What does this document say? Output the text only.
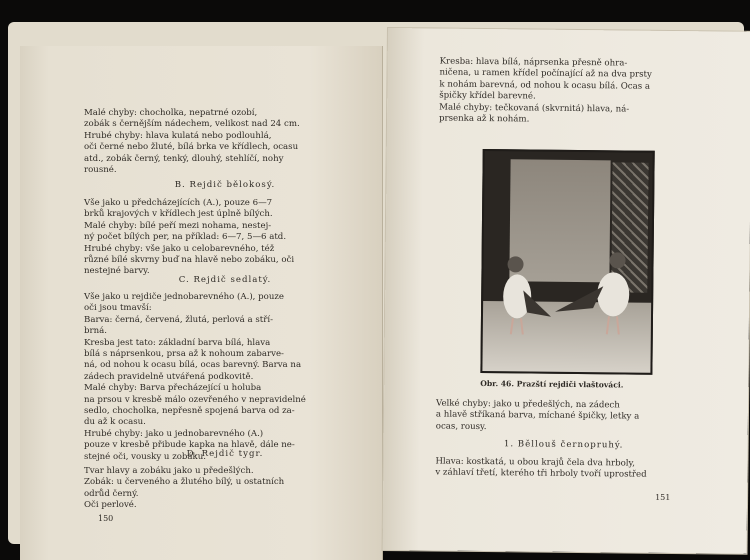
Malé chyby: chocholka, nepatrné ozobí,
zobák s černějším nádechem, velikost nad 24 cm.
Hrubé chyby: hlava kulatá nebo podlouhlá,
oči černé nebo žluté, bílá brka ve křídlech, ocasu
atd., zobák černý, tenký, dlouhý, stehlíčí, nohy
rousné.
B. Rejdič bělokosý.
Vše jako u předcházejících (A.), pouze 6—7
brků krajových v křídlech jest úplně bílých.
Malé chyby: bílé peří mezi nohama, nestej-
ný počet bílých per, na příklad: 6—7, 5—6 atd.
Hrubé chyby: vše jako u celobarevného, též
různé bílé skvrny buď na hlavě nebo zobáku, oči
nestejné barvy.
C. Rejdič sedlatý.
Vše jako u rejdiče jednobarevného (A.), pouze
oči jsou tmavší:
Barva: černá, červená, žlutá, perlová a stří-
brná.
Kresba jest tato: základní barva bílá, hlava
bílá s náprsenkou, prsa až k nohoum zabarve-
ná, od nohou k ocasu bílá, ocas barevný. Barva na
zádech pravidelně utvářená podkovitě.
Malé chyby: Barva přecházející u holuba
na prsou v kresbě málo ozevřeného v nepravidelné
sedlo, chocholka, nepřesně spojená barva od za-
du až k ocasu.
Hrubé chyby: jako u jednobarevného (A.)
pouze v kresbě přibude kapka na hlavě, dále ne-
stejné oči, vousky u zobáku.
D. Rejdič tygr.
Tvar hlavy a zobáku jako u předešlých.
Zobák: u červeného a žlutého bílý, u ostatních
odrůd černý.
Oči perlové.
150
Kresba: hlava bílá, náprsenka přesně ohra-
ničena, u ramen křídel počínající až na dva prsty
k nohám barevná, od nohou k ocasu bílá. Ocas a
špičky křídel barevné.
Malé chyby: tečkovaná (skvrnitá) hlava, ná-
prsenka až k nohám.
Obr. 46. Prazští rejdiči vlaštováci.
Velké chyby: jako u předešlých, na zádech
a hlavě stříkaná barva, míchané špičky, letky a
ocas, rousy.
1. Běllouš černopruhý.
Hlava: kostkatá, u obou krajů čela dva hrboly,
v záhlaví třetí, kterého tři hrboly tvoří uprostřed
151
